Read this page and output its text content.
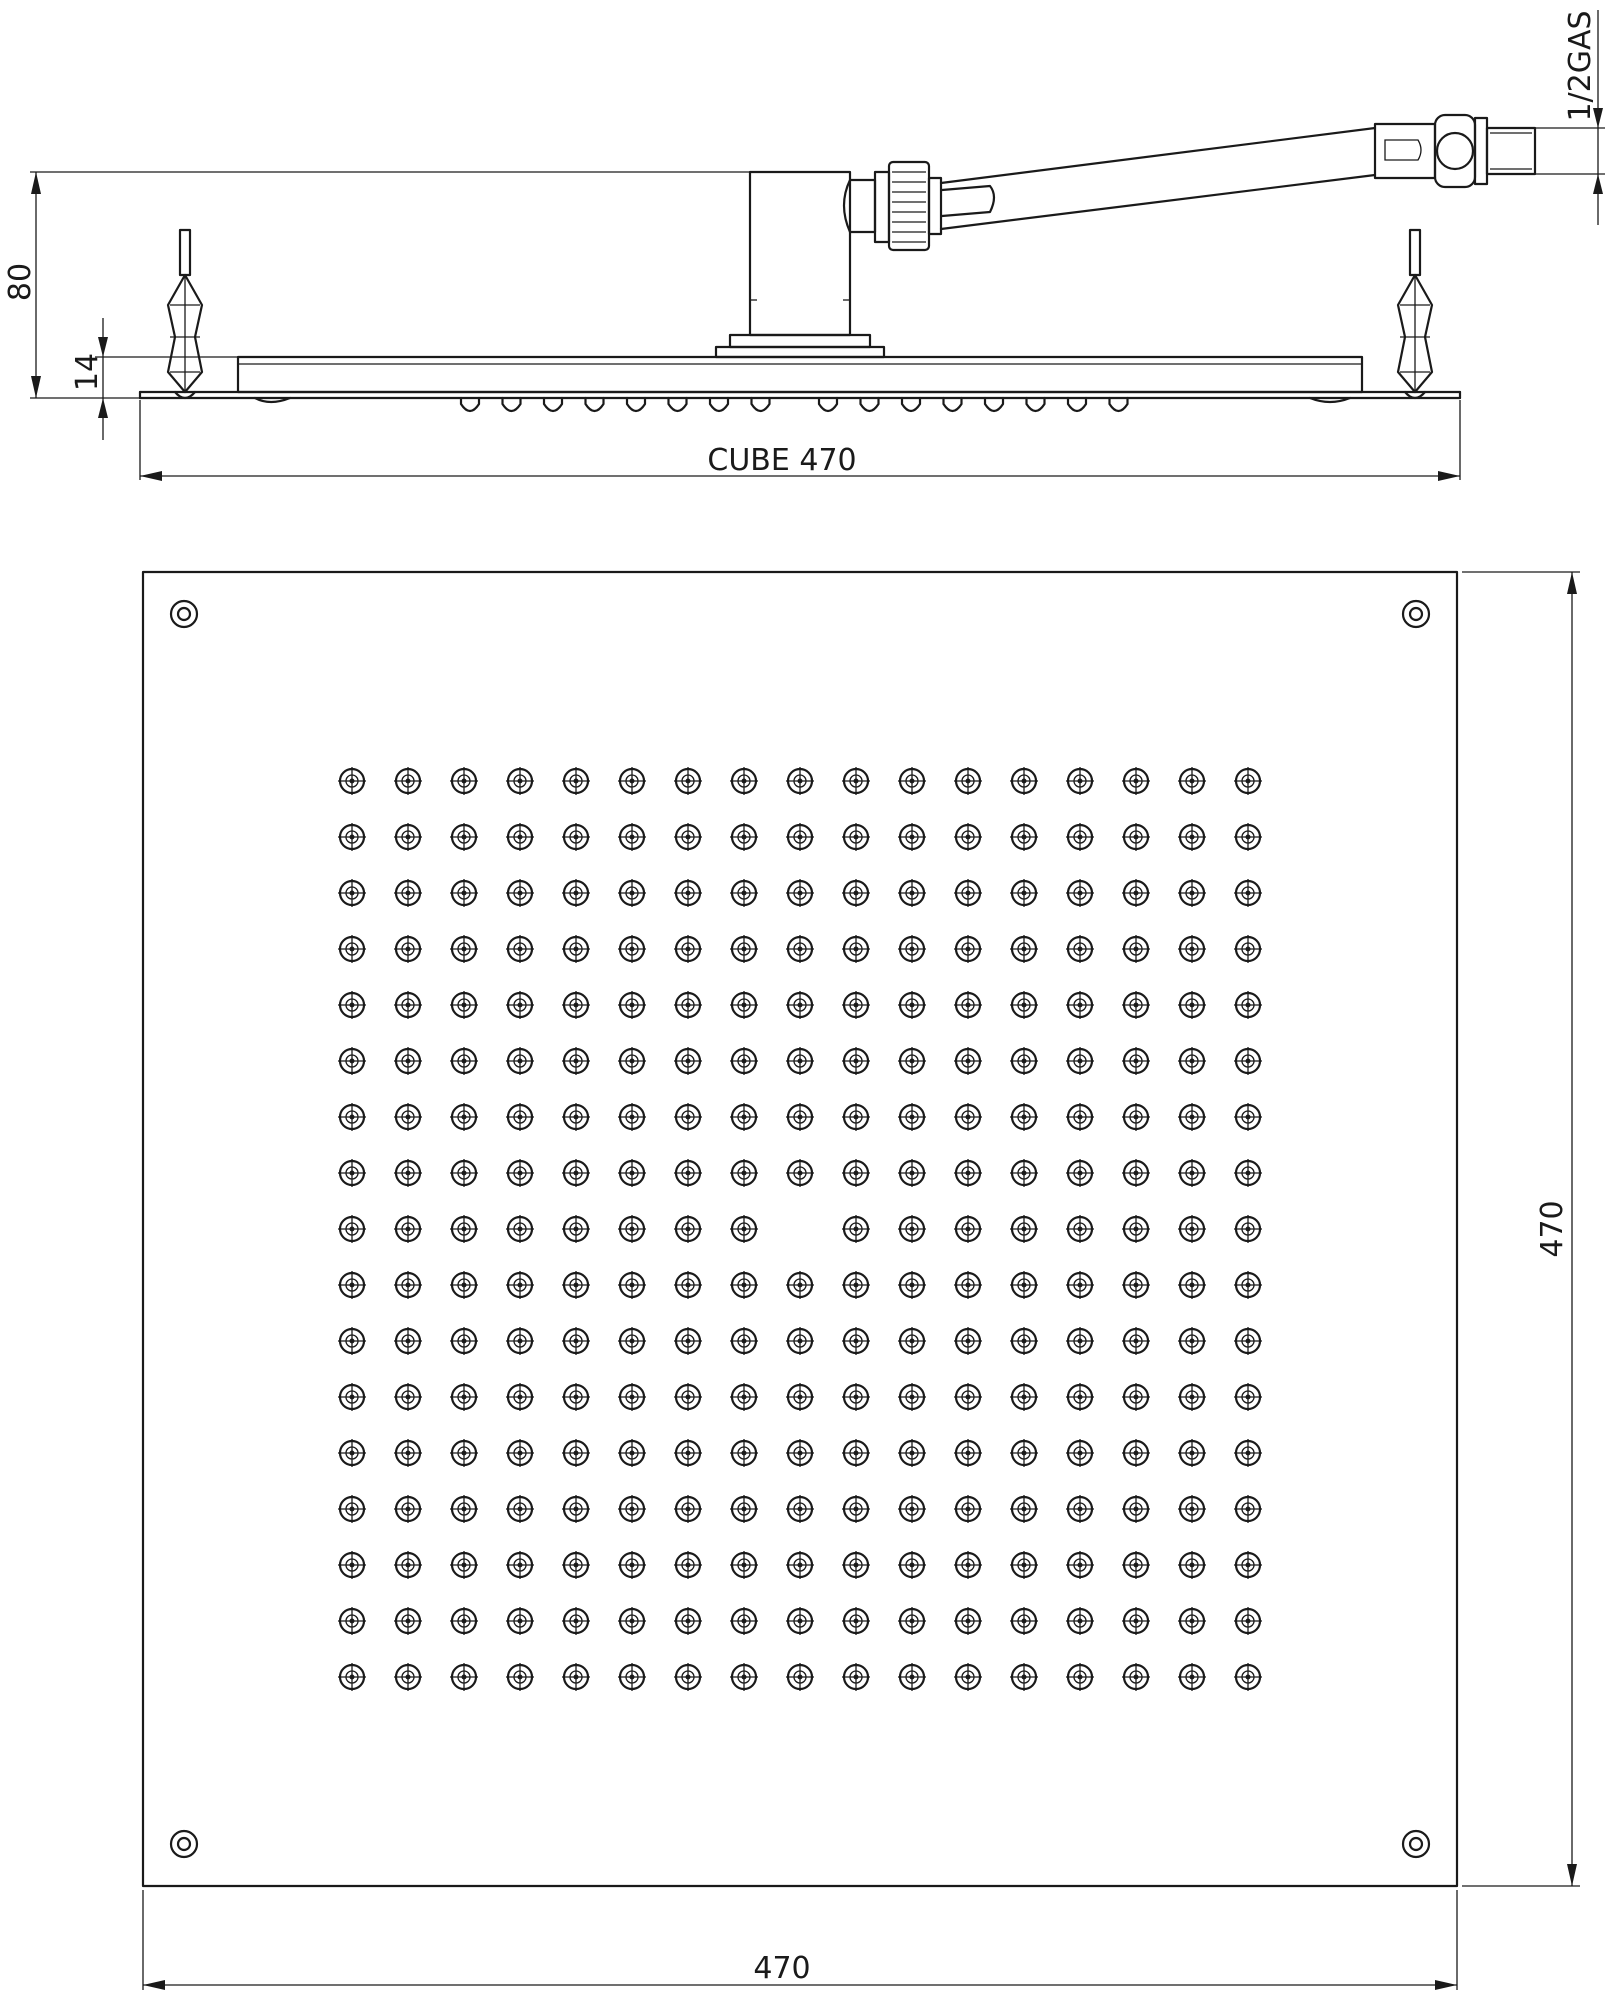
CUBE 470
80
14
1/2GAS
470
470
